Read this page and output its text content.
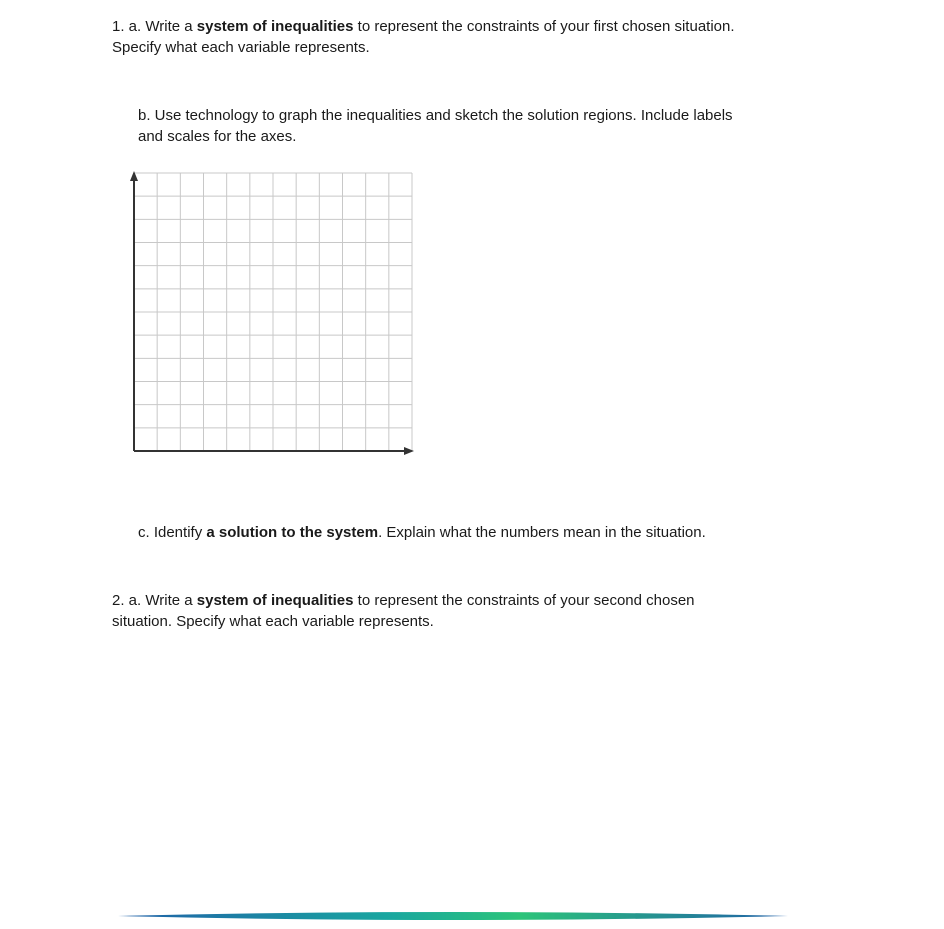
1. a. Write a system of inequalities to represent the constraints of your first chosen situation.
Specify what each variable represents.

b. Use technology to graph the inequalities and sketch the solution regions. Include labels
and scales for the axes.

c. Identify a solution to the system. Explain what the numbers mean in the situation.

2. a. Write a system of inequalities to represent the constraints of your second chosen
situation. Specify what each variable represents.
